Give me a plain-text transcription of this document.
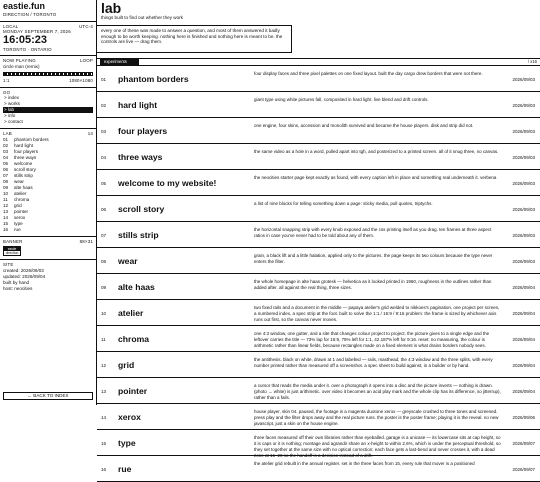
eastie.fun
DIRECTION / TORONTO
LOCAL	UTC-4
MONDAY SEPTEMBER 7, 2026
16:05:23
TORONTO · ONTARIO
NOW PLAYING	LOOP
circle man (remix)
1:1	1080×1080
GO
> index
> works
> lab
> info
> contact
LAB	14
01	phantom borders
02	hard light
03	four players
04	three ways
05	welcome
06	scroll story
07	stills strip
08	wear
09	alte haas
10	atelier
11	chroma
12	grid
13	pointer
14	xerox
15	type
16	rue
BANNER	88×31
eastie
direction
SITE
created: 2026/09/03
updated: 2026/09/04
built by hand
host: neocities
← BACK TO INDEX
lab
things built to find out whether they work
every one of these was made to answer a question, and most of them answered it badly enough to be worth keeping. nothing here is finished and nothing here is meant to be. the controls are live — drag them.
experiments	/ x16
01 phantom borders
four display faces and three pixel palettes on one fixed layout. built the day cargo drew borders that were not there.
2026/09/03
02 hard light
giant type using white pictures fall, composited in hard light. live blend and drift controls.
2026/09/03
03 four players
one engine, four skins, accession and monolith survived and became the house players. disk and strip did not.
2026/09/03
04 three ways
the same video as a hole in a word, pulled apart into tgh, and posterized to a printed screen. all of it snug three, no canvas.
2026/09/03
05 welcome to my website!
the neocities starter page kept exactly as found, with every caption left in place and something real underneath it. verbena
2026/09/03
06 scroll story
a list of nine blocks for telling something down a page: sticky media, pull quotes, triptychs.
2026/09/03
07 stills strip
the horizontal snapping strip with every knob exposed and the css printing itself as you drag. ten frames at three aspect ratios in case you've never had to be told about any of them.	2026/09/03
08 wear
grain, a black lift and a little halation, applied only to the pictures. the page keeps its two colours because the type never enters the filter.	2026/09/03
09 alte haas
the whole homepage in alte haas grotesk — helvetica as it looked printed in 1960, roughness in the outlines rather than added after. all against the real thing, three sizes.	2026/09/04
10 atelier
two fixed rails and a document in the middle — papaya atelier's grid welded to nikkoes's pagination, one project per screen, a numbered index, a spec strip at the foot. built to solve the 1:1 / 16:9 / 9:16 problem: the frame is sized by whichever axis runs out first, so the canvas never moves.
2026/09/04
11 chroma
one 4:3 window, one gutter, and a site that changes colour project to project. the picture gives to a single edge and the leftover carries the title — 73% lap for 16:9, 75% left for 1:1, 42.187% left for 9:16. reset: no measuring, the colour is arithmetic rather than linear fields, because rectangles made on a fixed element is what drains borders nobody sees.
2026/09/04
12 grid
the antithesis. black on white, drawn at 1 and labelled — rails, masthead, the 4:3 window and the three splits, with every number printed rather than measured off a screenshot. a spec sheet to build against, in a builder or by hand.	2026/09/04
13 pointer
a cursor that reads the media under it. over a photograph it opens into a disc and the picture inverts — nothing is drawn. (photo → white) is just arithmetic. over video it becomes an acid play mark and the whole clip has its difference, so jitterrup), rather than a fails.
2026/09/04
14 xerox
house player, skin 04. paused, the footage is a magenta duotone xerox — greyscale crushed to three tones and screened. press play and the filter drops away and the real picture runs. the poster is the poster frame; playing it is the reveal. no new javascript, just a skin on the house engine.
2026/09/06
15 type
three faces measured off their own libraries rather than eyeballed. garage is a unicase — its lowercase sits at cap height, so it is caps or it is nothing; montage and agrandir share an x-height to within 2.6%, which is under the perceptual threshold, so they set together at the same size with no optical correction; each face gets a last-bend and never crosses it, with a dead zone at 16–20 so the handoff is a decision instead of a drift.
2026/09/07
16 rue
the atelier grid rebuilt in the annual register. set in the three faces from 15, every rule that mover is a positioned
2026/09/07
